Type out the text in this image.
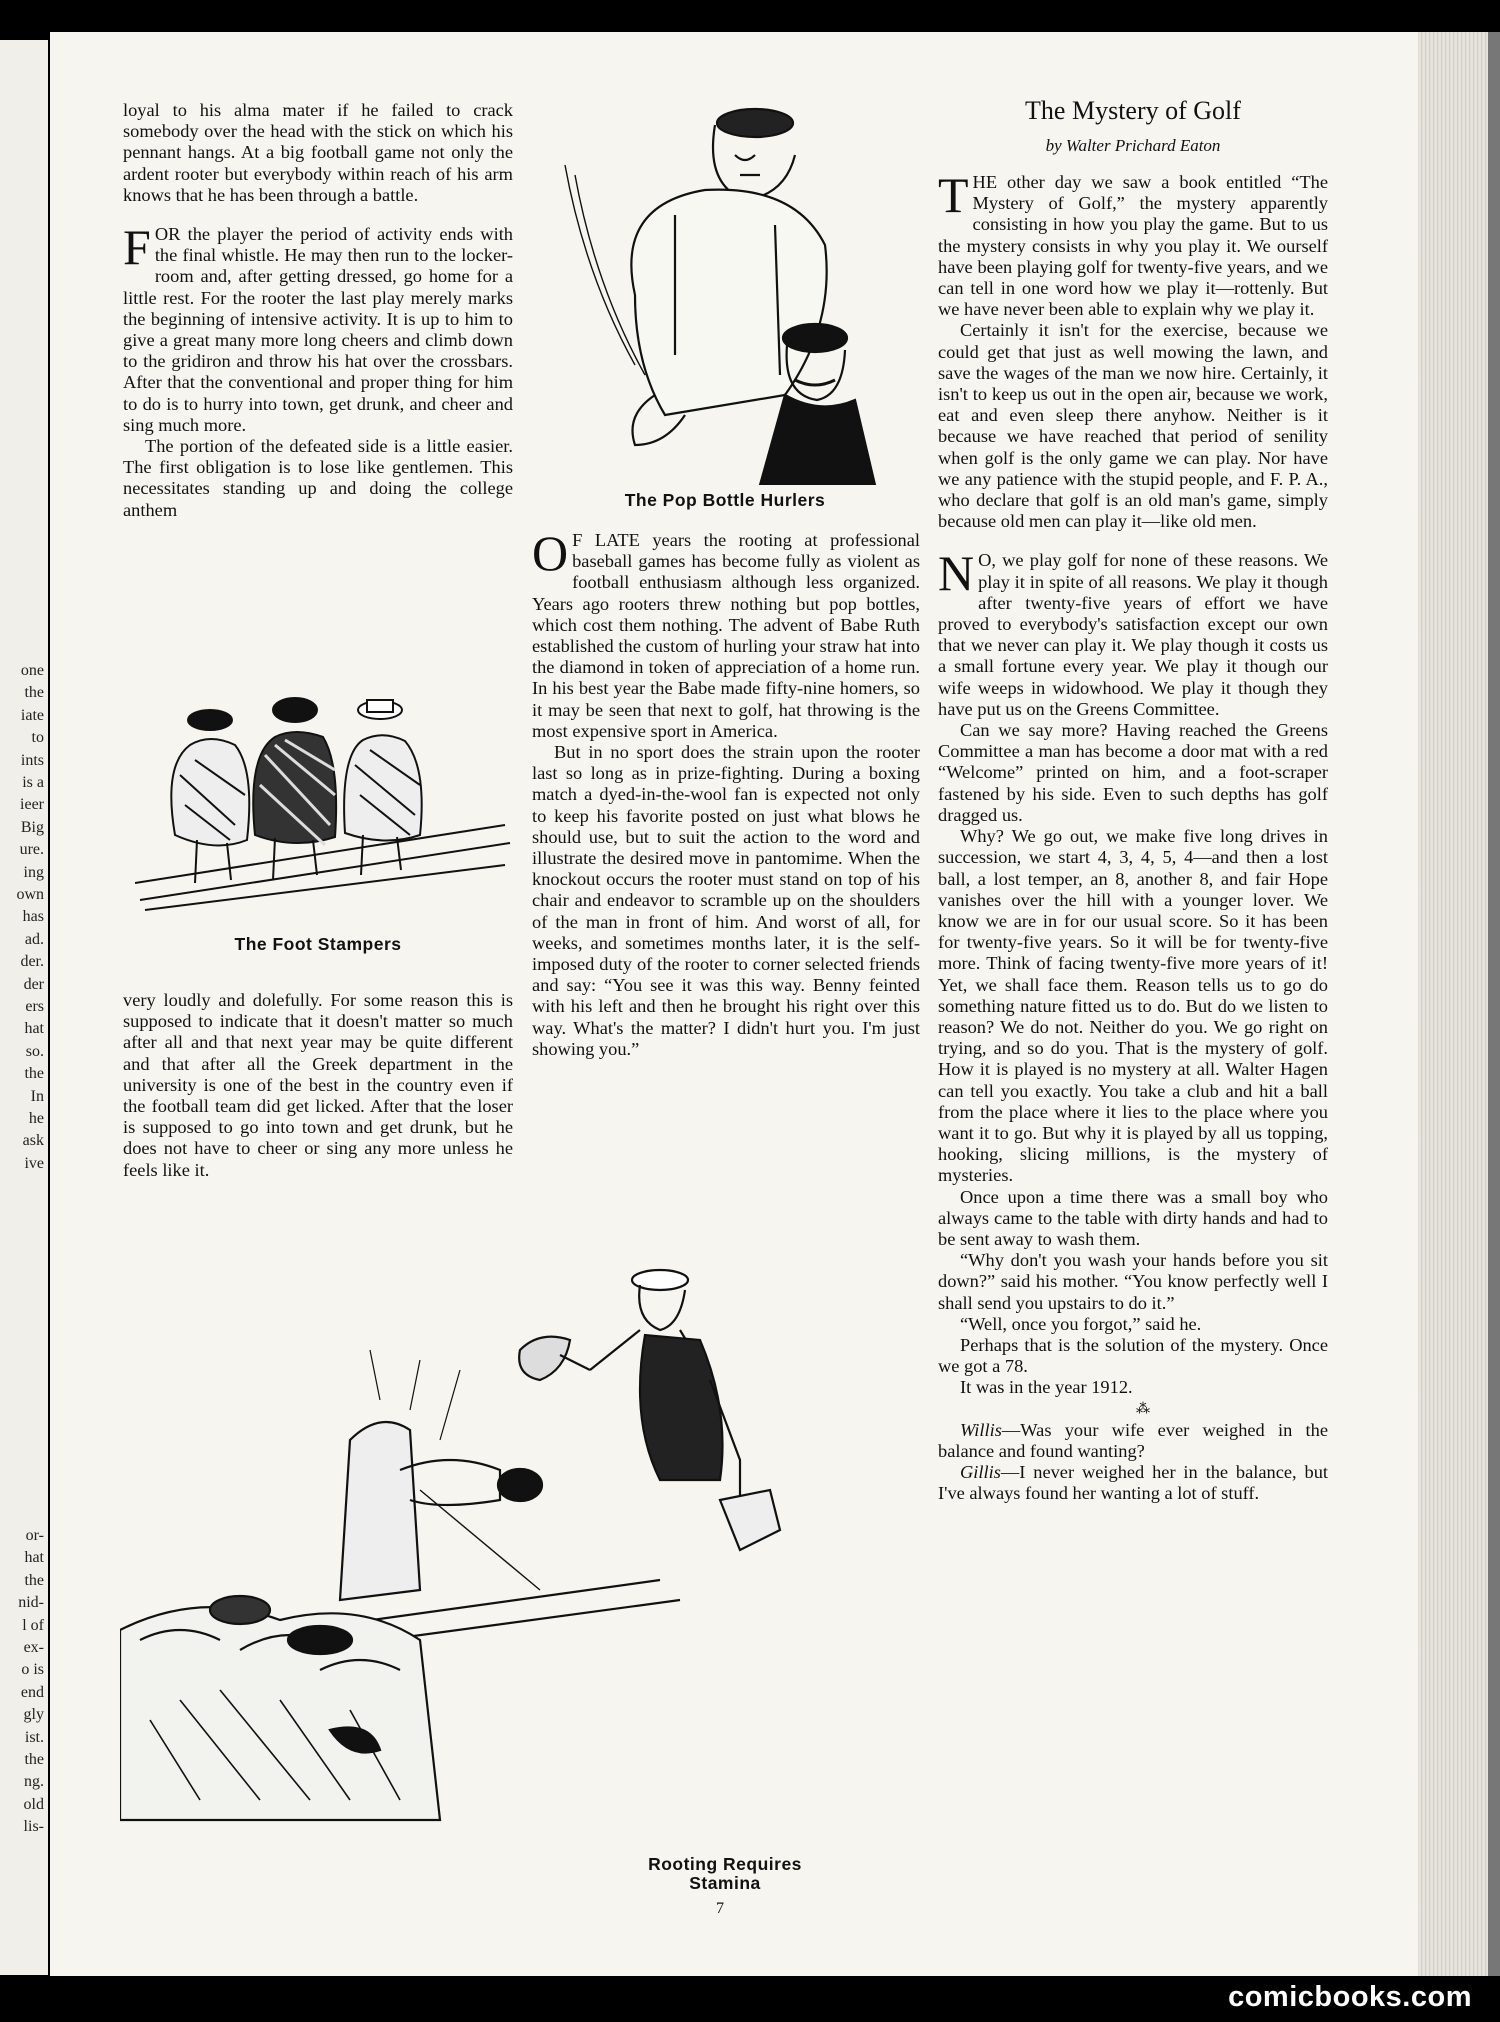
one
the
iate
to
ints
is a
ieer
Big
ure.
ing
own
has
ad.
der.
der
ers
hat
so.
the
In
he
ask
ive
or-
hat
the
nid-
l of
ex-
o is
end
gly
ist.
the
ng.
old
lis-

loyal to his alma mater if he failed to crack somebody over the head with the stick on which his pennant hangs. At a big football game not only the ardent rooter but everybody within reach of his arm knows that he has been through a battle.

FOR the player the period of activity ends with the final whistle. He may then run to the locker-room and, after getting dressed, go home for a little rest. For the rooter the last play merely marks the beginning of intensive activity. It is up to him to give a great many more long cheers and climb down to the gridiron and throw his hat over the crossbars. After that the conventional and proper thing for him to do is to hurry into town, get drunk, and cheer and sing much more.

The portion of the defeated side is a little easier. The first obligation is to lose like gentlemen. This necessitates standing up and doing the college anthem

The Foot Stampers

very loudly and dolefully. For some reason this is supposed to indicate that it doesn't matter so much after all and that next year may be quite different and that after all the Greek department in the university is one of the best in the country even if the football team did get licked. After that the loser is supposed to go into town and get drunk, but he does not have to cheer or sing any more unless he feels like it.

The Pop Bottle Hurlers

O F LATE years the rooting at professional baseball games has become fully as violent as football enthusiasm although less organized. Years ago rooters threw nothing but pop bottles, which cost them nothing. The advent of Babe Ruth established the custom of hurling your straw hat into the diamond in token of appreciation of a home run. In his best year the Babe made fifty-nine homers, so it may be seen that next to golf, hat throwing is the most expensive sport in America.

But in no sport does the strain upon the rooter last so long as in prize-fighting. During a boxing match a dyed-in-the-wool fan is expected not only to keep his favorite posted on just what blows he should use, but to suit the action to the word and illustrate the desired move in pantomime. When the knockout occurs the rooter must stand on top of his chair and endeavor to scramble up on the shoulders of the man in front of him. And worst of all, for weeks, and sometimes months later, it is the self-imposed duty of the rooter to corner selected friends and say: “You see it was this way. Benny feinted with his left and then he brought his right over this way. What's the matter? I didn't hurt you. I'm just showing you.”

Rooting Requires
Stamina
The Mystery of Golf
by Walter Prichard Eaton

THE other day we saw a book entitled “The Mystery of Golf,” the mystery apparently consisting in how you play the game. But to us the mystery consists in why you play it. We ourself have been playing golf for twenty-five years, and we can tell in one word how we play it—rottenly. But we have never been able to explain why we play it.

Certainly it isn't for the exercise, because we could get that just as well mowing the lawn, and save the wages of the man we now hire. Certainly, it isn't to keep us out in the open air, because we work, eat and even sleep there anyhow. Neither is it because we have reached that period of senility when golf is the only game we can play. Nor have we any patience with the stupid people, and F. P. A., who declare that golf is an old man's game, simply because old men can play it—like old men.

N O, we play golf for none of these reasons. We play it in spite of all reasons. We play it though after twenty-five years of effort we have proved to everybody's satisfaction except our own that we never can play it. We play though it costs us a small fortune every year. We play it though our wife weeps in widowhood. We play it though they have put us on the Greens Committee.

Can we say more? Having reached the Greens Committee a man has become a door mat with a red “Welcome” printed on him, and a foot-scraper fastened by his side. Even to such depths has golf dragged us.

Why? We go out, we make five long drives in succession, we start 4, 3, 4, 5, 4—and then a lost ball, a lost temper, an 8, another 8, and fair Hope vanishes over the hill with a younger lover. We know we are in for our usual score. So it has been for twenty-five years. So it will be for twenty-five more. Think of facing twenty-five more years of it! Yet, we shall face them. Reason tells us to go do something nature fitted us to do. But do we listen to reason? We do not. Neither do you. We go right on trying, and so do you. That is the mystery of golf. How it is played is no mystery at all. Walter Hagen can tell you exactly. You take a club and hit a ball from the place where it lies to the place where you want it to go. But why it is played by all us topping, hooking, slicing millions, is the mystery of mysteries.

Once upon a time there was a small boy who always came to the table with dirty hands and had to be sent away to wash them.

“Why don't you wash your hands before you sit down?” said his mother. “You know perfectly well I shall send you upstairs to do it.”

“Well, once you forgot,” said he.

Perhaps that is the solution of the mystery. Once we got a 78.

It was in the year 1912.

⁂

Willis—Was your wife ever weighed in the balance and found wanting?

Gillis—I never weighed her in the balance, but I've always found her wanting a lot of stuff.

7
comicbooks.com
